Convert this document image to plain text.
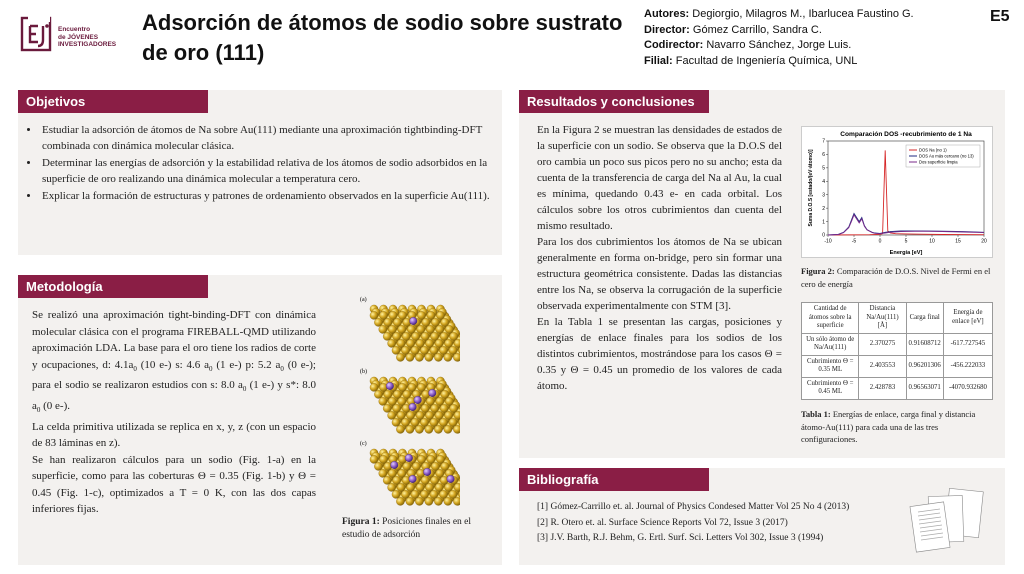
Encuentro
de JÓVENES
INVESTIGADORES
Adsorción de átomos de sodio sobre sustrato de oro (111)
Autores: Degiorgio, Milagros M., Ibarlucea Faustino G.
Director: Gómez Carrillo, Sandra C.
Codirector: Navarro Sánchez, Jorge Luis.
Filial: Facultad de Ingeniería Química, UNL
E5
Objetivos
• Estudiar la adsorción de átomos de Na sobre Au(111) mediante una aproximación tightbinding-DFT combinada con dinámica molecular clásica.
• Determinar las energías de adsorción y la estabilidad relativa de los átomos de sodio adsorbidos en la superficie de oro realizando una dinámica molecular a temperatura cero.
• Explicar la formación de estructuras y patrones de ordenamiento observados en la superficie Au(111).
Metodología

Se realizó una aproximación tight-binding-DFT con dinámica molecular clásica con el programa FIREBALL-QMD utilizando aproximación LDA. La base para el oro tiene los radios de corte y ocupaciones, d: $4.1a_0$ (10 e-) s: 4.6 $a_0$ (1 e-) p: 5.2 $a_0$ (0 e-); para el sodio se realizaron estudios con s: 8.0 $a_0$ (1 e-) y s*: 8.0 $a_0$ (0 e-).

La celda primitiva utilizada se replica en x, y, z (con un espacio de 83 láminas en z).

Se han realizaron cálculos para un sodio (Fig. 1-a) en la superficie, como para las coberturas Θ = 0.35 (Fig. 1-b) y Θ = 0.45 (Fig. 1-c), optimizados a T = 0 K, con las dos capas inferiores fijas.

(a)
(b)
(c)
Figura 1: Posiciones finales en el estudio de adsorción
Resultados y conclusiones

En la Figura 2 se muestran las densidades de estados de la superficie con un sodio. Se observa que la D.O.S del oro cambia un poco sus picos pero no su ancho; esta da cuenta de la transferencia de carga del Na al Au, la cual es mínima, quedando 0.43 e- en cada orbital. Los cálculos sobre los otros cubrimientos dan cuenta del mismo resultado.

Para los dos cubrimientos los átomos de Na se ubican generalmente en forma on-bridge, pero sin formar una estructura geométrica consistente. Dadas las distancias entre los Na, se observa la corrugación de la superficie observada experimentalmente con STM [3].

En la Tabla 1 se presentan las cargas, posiciones y energías de enlace finales para los sodios de los distintos cubrimientos, mostrándose para los casos Θ = 0.35 y Θ = 0.45 un promedio de los valores de cada átomo.

Comparación DOS -recubrimiento de 1 Na
-10	-5	0	5	10	15	20
0
1
2
3
4
5
6
7
Energía [eV]
Suma D.O.S [estado/(eV·átomo)]	DOS Na (no 1)
DOS Au más cercano (no 13)
Dos superficie limpia
Figura 2: Comparación de D.O.S. Nivel de Fermi en el cero de energía
Cantidad de átomos sobre la superficie	Distancia Na/Au(111) [Å]	Carga final	Energía de enlace [eV]
Un sólo átomo de Na/Au(111)	2.370275	0.91608712	-617.727545
Cubrimiento Θ = 0.35 ML	2.403553	0.96201306	-456.222033
Cubrimiento Θ = 0.45 ML	2.428783	0.96563071	-4070.932680
Tabla 1: Energías de enlace, carga final y distancia átomo-Au(111) para cada una de las tres configuraciones.
Bibliografía
[1] Gómez-Carrillo et. al. Journal of Physics Condesed Matter Vol 25 No 4 (2013)
[2] R. Otero et. al. Surface Science Reports Vol 72, Issue 3 (2017)
[3] J.V. Barth, R.J. Behm, G. Ertl. Surf. Sci. Letters Vol 302, Issue 3 (1994)
